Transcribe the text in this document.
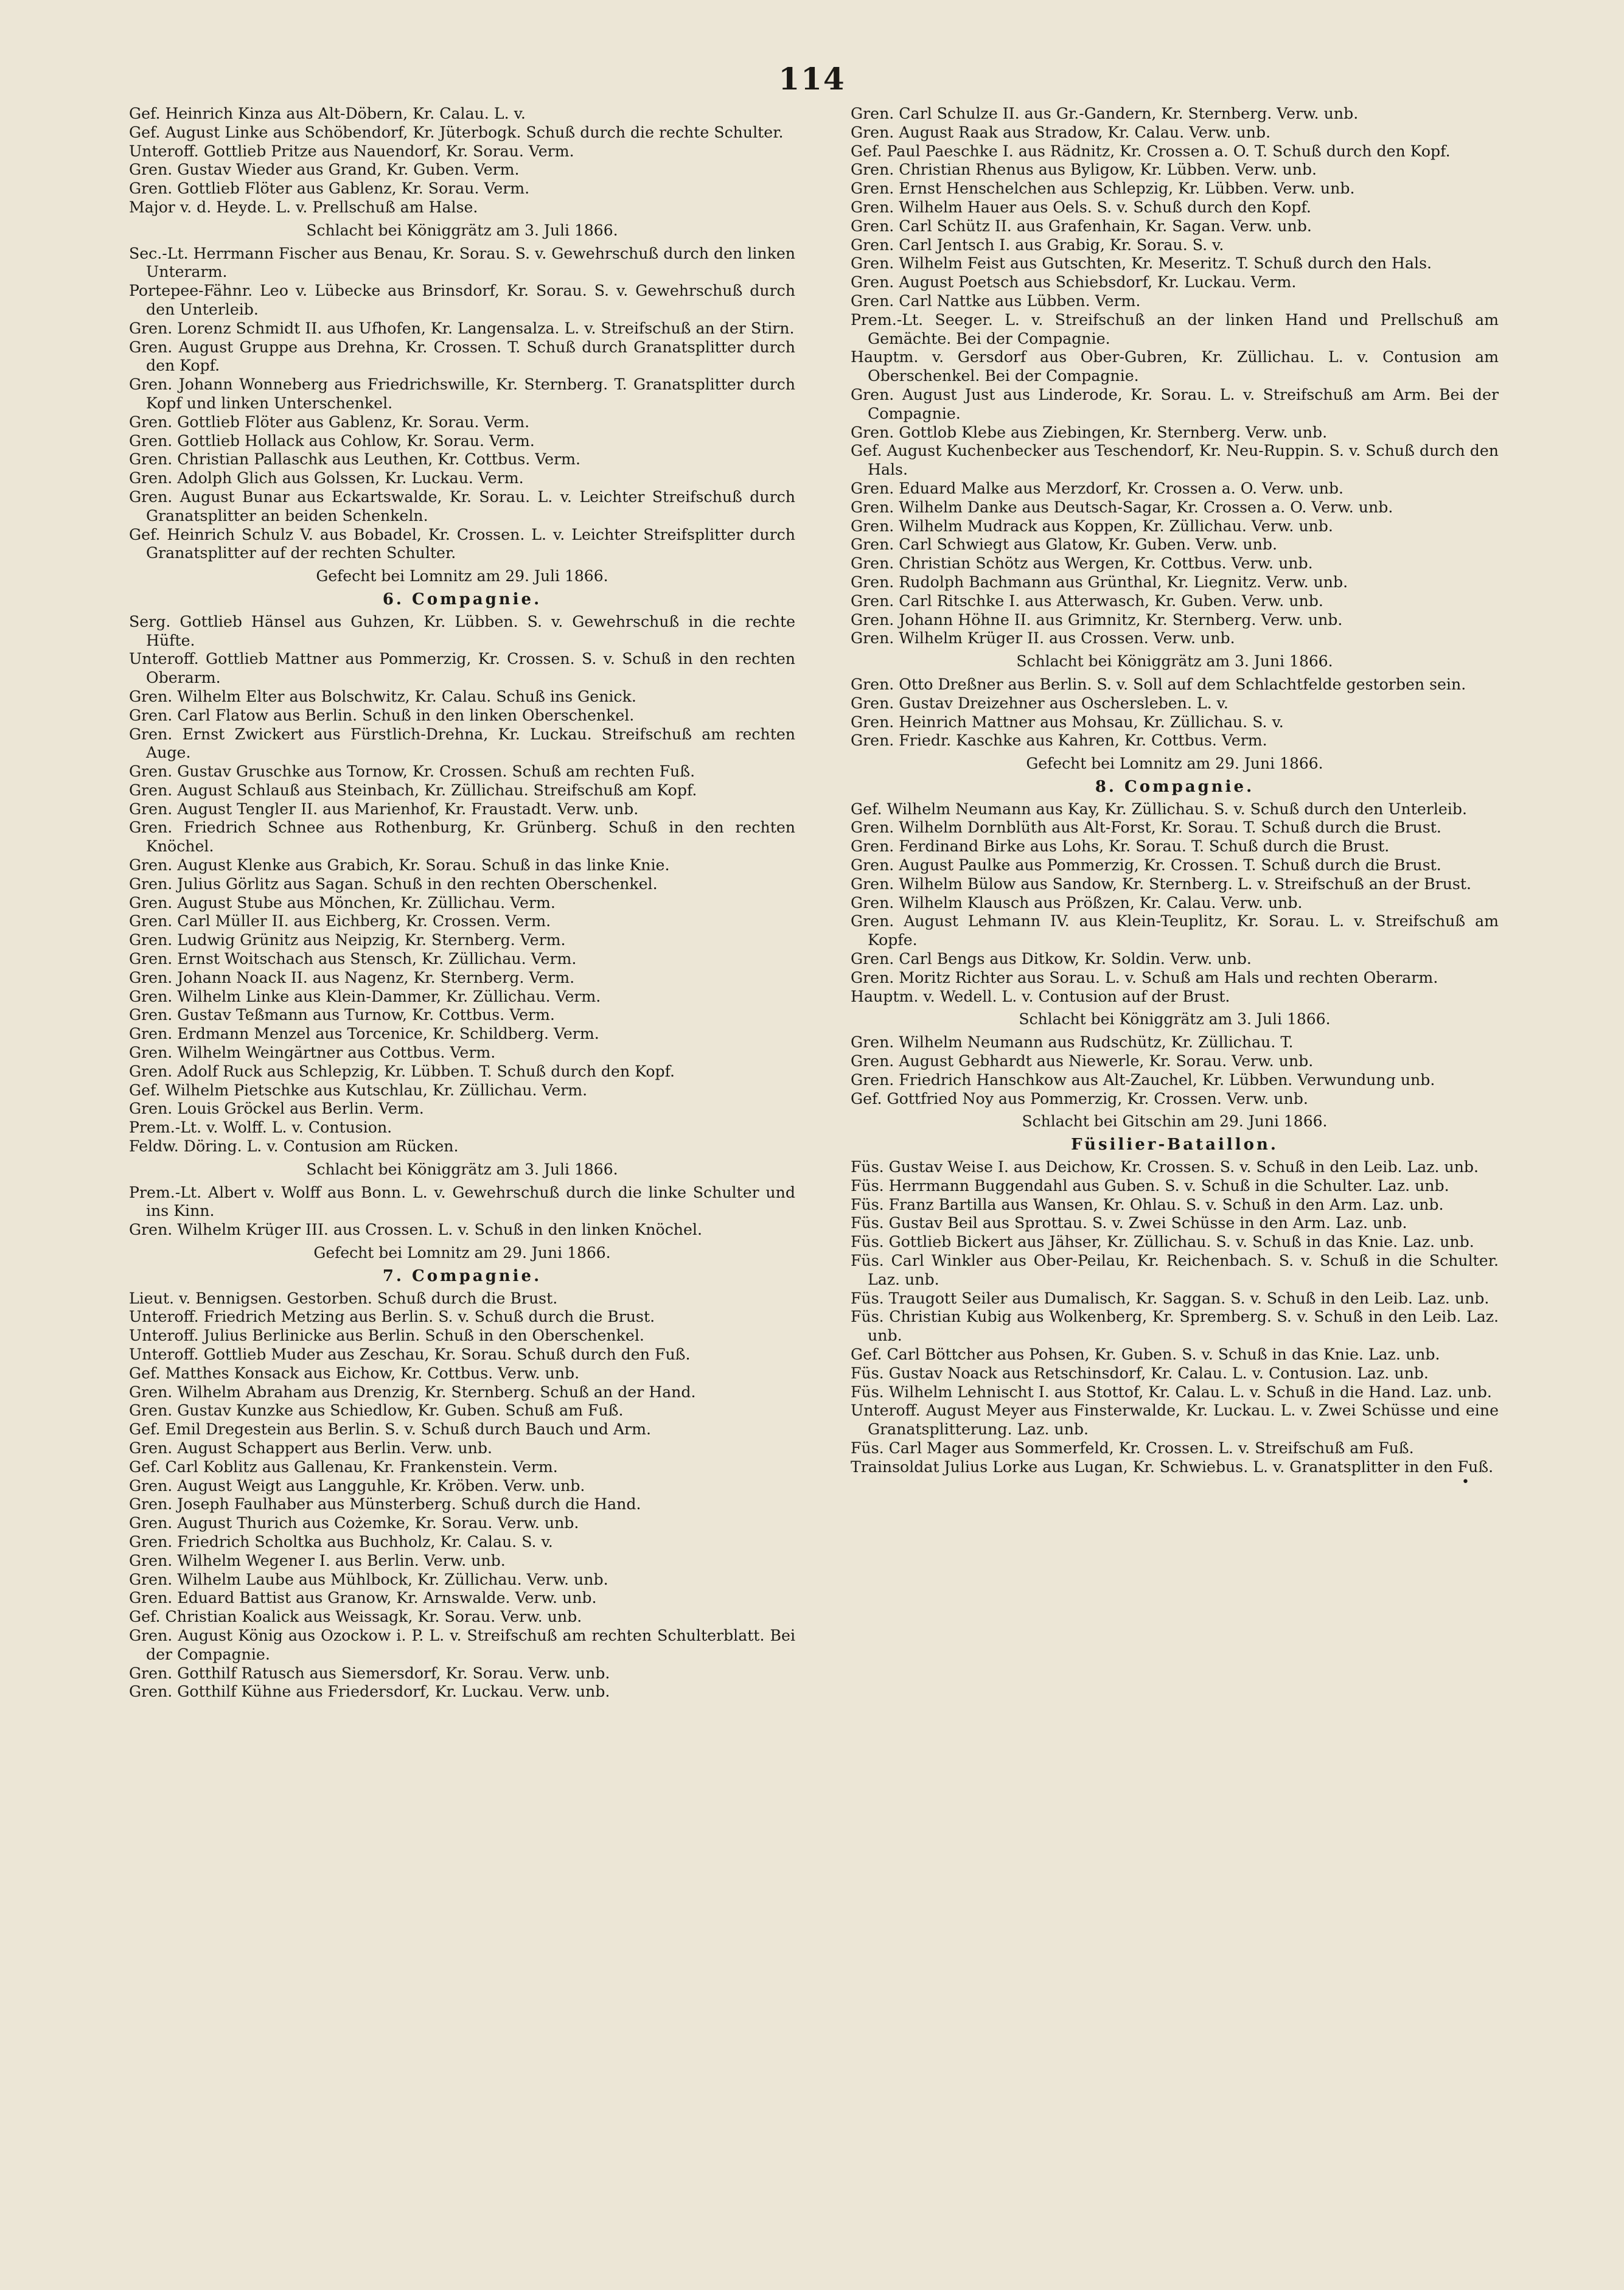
114

Gef. Heinrich Kinza aus Alt-Döbern, Kr. Calau. L. v.

Gef. August Linke aus Schöbendorf, Kr. Jüterbogk. Schuß durch die rechte Schulter.

Unteroff. Gottlieb Pritze aus Nauendorf, Kr. Sorau. Verm.

Gren. Gustav Wieder aus Grand, Kr. Guben. Verm.

Gren. Gottlieb Flöter aus Gablenz, Kr. Sorau. Verm.

Major v. d. Heyde. L. v. Prellschuß am Halse.

Schlacht bei Königgrätz am 3. Juli 1866.

Sec.-Lt. Herrmann Fischer aus Benau, Kr. Sorau. S. v. Gewehrschuß durch den linken Unterarm.

Portepee-Fähnr. Leo v. Lübecke aus Brinsdorf, Kr. Sorau. S. v. Gewehrschuß durch den Unterleib.

Gren. Lorenz Schmidt II. aus Ufhofen, Kr. Langensalza. L. v. Streifschuß an der Stirn.

Gren. August Gruppe aus Drehna, Kr. Crossen. T. Schuß durch Granatsplitter durch den Kopf.

Gren. Johann Wonneberg aus Friedrichswille, Kr. Sternberg. T. Granatsplitter durch Kopf und linken Unterschenkel.

Gren. Gottlieb Flöter aus Gablenz, Kr. Sorau. Verm.

Gren. Gottlieb Hollack aus Cohlow, Kr. Sorau. Verm.

Gren. Christian Pallaschk aus Leuthen, Kr. Cottbus. Verm.

Gren. Adolph Glich aus Golssen, Kr. Luckau. Verm.

Gren. August Bunar aus Eckartswalde, Kr. Sorau. L. v. Leichter Streifschuß durch Granatsplitter an beiden Schenkeln.

Gef. Heinrich Schulz V. aus Bobadel, Kr. Crossen. L. v. Leichter Streifsplitter durch Granatsplitter auf der rechten Schulter.

Gefecht bei Lomnitz am 29. Juli 1866.

6. Compagnie.

Serg. Gottlieb Hänsel aus Guhzen, Kr. Lübben. S. v. Gewehrschuß in die rechte Hüfte.

Unteroff. Gottlieb Mattner aus Pommerzig, Kr. Crossen. S. v. Schuß in den rechten Oberarm.

Gren. Wilhelm Elter aus Bolschwitz, Kr. Calau. Schuß ins Genick.

Gren. Carl Flatow aus Berlin. Schuß in den linken Oberschenkel.

Gren. Ernst Zwickert aus Fürstlich-Drehna, Kr. Luckau. Streifschuß am rechten Auge.

Gren. Gustav Gruschke aus Tornow, Kr. Crossen. Schuß am rechten Fuß.

Gren. August Schlauß aus Steinbach, Kr. Züllichau. Streifschuß am Kopf.

Gren. August Tengler II. aus Marienhof, Kr. Fraustadt. Verw. unb.

Gren. Friedrich Schnee aus Rothenburg, Kr. Grünberg. Schuß in den rechten Knöchel.

Gren. August Klenke aus Grabich, Kr. Sorau. Schuß in das linke Knie.

Gren. Julius Görlitz aus Sagan. Schuß in den rechten Oberschenkel.

Gren. August Stube aus Mönchen, Kr. Züllichau. Verm.

Gren. Carl Müller II. aus Eichberg, Kr. Crossen. Verm.

Gren. Ludwig Grünitz aus Neipzig, Kr. Sternberg. Verm.

Gren. Ernst Woitschach aus Stensch, Kr. Züllichau. Verm.

Gren. Johann Noack II. aus Nagenz, Kr. Sternberg. Verm.

Gren. Wilhelm Linke aus Klein-Dammer, Kr. Züllichau. Verm.

Gren. Gustav Teßmann aus Turnow, Kr. Cottbus. Verm.

Gren. Erdmann Menzel aus Torcenice, Kr. Schildberg. Verm.

Gren. Wilhelm Weingärtner aus Cottbus. Verm.

Gren. Adolf Ruck aus Schlepzig, Kr. Lübben. T. Schuß durch den Kopf.

Gef. Wilhelm Pietschke aus Kutschlau, Kr. Züllichau. Verm.

Gren. Louis Gröckel aus Berlin. Verm.

Prem.-Lt. v. Wolff. L. v. Contusion.

Feldw. Döring. L. v. Contusion am Rücken.

Schlacht bei Königgrätz am 3. Juli 1866.

Prem.-Lt. Albert v. Wolff aus Bonn. L. v. Gewehrschuß durch die linke Schulter und ins Kinn.

Gren. Wilhelm Krüger III. aus Crossen. L. v. Schuß in den linken Knöchel.

Gefecht bei Lomnitz am 29. Juni 1866.

7. Compagnie.

Lieut. v. Bennigsen. Gestorben. Schuß durch die Brust.

Unteroff. Friedrich Metzing aus Berlin. S. v. Schuß durch die Brust.

Unteroff. Julius Berlinicke aus Berlin. Schuß in den Oberschenkel.

Unteroff. Gottlieb Muder aus Zeschau, Kr. Sorau. Schuß durch den Fuß.

Gef. Matthes Konsack aus Eichow, Kr. Cottbus. Verw. unb.

Gren. Wilhelm Abraham aus Drenzig, Kr. Sternberg. Schuß an der Hand.

Gren. Gustav Kunzke aus Schiedlow, Kr. Guben. Schuß am Fuß.

Gef. Emil Dregestein aus Berlin. S. v. Schuß durch Bauch und Arm.

Gren. August Schappert aus Berlin. Verw. unb.

Gef. Carl Koblitz aus Gallenau, Kr. Frankenstein. Verm.

Gren. August Weigt aus Langguhle, Kr. Kröben. Verw. unb.

Gren. Joseph Faulhaber aus Münsterberg. Schuß durch die Hand.

Gren. August Thurich aus Cożemke, Kr. Sorau. Verw. unb.

Gren. Friedrich Scholtka aus Buchholz, Kr. Calau. S. v.

Gren. Wilhelm Wegener I. aus Berlin. Verw. unb.

Gren. Wilhelm Laube aus Mühlbock, Kr. Züllichau. Verw. unb.

Gren. Eduard Battist aus Granow, Kr. Arnswalde. Verw. unb.

Gef. Christian Koalick aus Weissagk, Kr. Sorau. Verw. unb.

Gren. August König aus Ozockow i. P. L. v. Streifschuß am rechten Schulterblatt. Bei der Compagnie.

Gren. Gotthilf Ratusch aus Siemersdorf, Kr. Sorau. Verw. unb.

Gren. Gotthilf Kühne aus Friedersdorf, Kr. Luckau. Verw. unb.

Gren. Carl Schulze II. aus Gr.-Gandern, Kr. Sternberg. Verw. unb.

Gren. August Raak aus Stradow, Kr. Calau. Verw. unb.

Gef. Paul Paeschke I. aus Rädnitz, Kr. Crossen a. O. T. Schuß durch den Kopf.

Gren. Christian Rhenus aus Byligow, Kr. Lübben. Verw. unb.

Gren. Ernst Henschelchen aus Schlepzig, Kr. Lübben. Verw. unb.

Gren. Wilhelm Hauer aus Oels. S. v. Schuß durch den Kopf.

Gren. Carl Schütz II. aus Grafenhain, Kr. Sagan. Verw. unb.

Gren. Carl Jentsch I. aus Grabig, Kr. Sorau. S. v.

Gren. Wilhelm Feist aus Gutschten, Kr. Meseritz. T. Schuß durch den Hals.

Gren. August Poetsch aus Schiebsdorf, Kr. Luckau. Verm.

Gren. Carl Nattke aus Lübben. Verm.

Prem.-Lt. Seeger. L. v. Streifschuß an der linken Hand und Prellschuß am Gemächte. Bei der Compagnie.

Hauptm. v. Gersdorf aus Ober-Gubren, Kr. Züllichau. L. v. Contusion am Oberschenkel. Bei der Compagnie.

Gren. August Just aus Linderode, Kr. Sorau. L. v. Streifschuß am Arm. Bei der Compagnie.

Gren. Gottlob Klebe aus Ziebingen, Kr. Sternberg. Verw. unb.

Gef. August Kuchenbecker aus Teschendorf, Kr. Neu-Ruppin. S. v. Schuß durch den Hals.

Gren. Eduard Malke aus Merzdorf, Kr. Crossen a. O. Verw. unb.

Gren. Wilhelm Danke aus Deutsch-Sagar, Kr. Crossen a. O. Verw. unb.

Gren. Wilhelm Mudrack aus Koppen, Kr. Züllichau. Verw. unb.

Gren. Carl Schwiegt aus Glatow, Kr. Guben. Verw. unb.

Gren. Christian Schötz aus Wergen, Kr. Cottbus. Verw. unb.

Gren. Rudolph Bachmann aus Grünthal, Kr. Liegnitz. Verw. unb.

Gren. Carl Ritschke I. aus Atterwasch, Kr. Guben. Verw. unb.

Gren. Johann Höhne II. aus Grimnitz, Kr. Sternberg. Verw. unb.

Gren. Wilhelm Krüger II. aus Crossen. Verw. unb.

Schlacht bei Königgrätz am 3. Juni 1866.

Gren. Otto Dreßner aus Berlin. S. v. Soll auf dem Schlachtfelde gestorben sein.

Gren. Gustav Dreizehner aus Oschersleben. L. v.

Gren. Heinrich Mattner aus Mohsau, Kr. Züllichau. S. v.

Gren. Friedr. Kaschke aus Kahren, Kr. Cottbus. Verm.

Gefecht bei Lomnitz am 29. Juni 1866.

8. Compagnie.

Gef. Wilhelm Neumann aus Kay, Kr. Züllichau. S. v. Schuß durch den Unterleib.

Gren. Wilhelm Dornblüth aus Alt-Forst, Kr. Sorau. T. Schuß durch die Brust.

Gren. Ferdinand Birke aus Lohs, Kr. Sorau. T. Schuß durch die Brust.

Gren. August Paulke aus Pommerzig, Kr. Crossen. T. Schuß durch die Brust.

Gren. Wilhelm Bülow aus Sandow, Kr. Sternberg. L. v. Streifschuß an der Brust.

Gren. Wilhelm Klausch aus Prößzen, Kr. Calau. Verw. unb.

Gren. August Lehmann IV. aus Klein-Teuplitz, Kr. Sorau. L. v. Streifschuß am Kopfe.

Gren. Carl Bengs aus Ditkow, Kr. Soldin. Verw. unb.

Gren. Moritz Richter aus Sorau. L. v. Schuß am Hals und rechten Oberarm.

Hauptm. v. Wedell. L. v. Contusion auf der Brust.

Schlacht bei Königgrätz am 3. Juli 1866.

Gren. Wilhelm Neumann aus Rudschütz, Kr. Züllichau. T.

Gren. August Gebhardt aus Niewerle, Kr. Sorau. Verw. unb.

Gren. Friedrich Hanschkow aus Alt-Zauchel, Kr. Lübben. Verwundung unb.

Gef. Gottfried Noy aus Pommerzig, Kr. Crossen. Verw. unb.

Schlacht bei Gitschin am 29. Juni 1866.

Füsilier-Bataillon.

Füs. Gustav Weise I. aus Deichow, Kr. Crossen. S. v. Schuß in den Leib. Laz. unb.

Füs. Herrmann Buggendahl aus Guben. S. v. Schuß in die Schulter. Laz. unb.

Füs. Franz Bartilla aus Wansen, Kr. Ohlau. S. v. Schuß in den Arm. Laz. unb.

Füs. Gustav Beil aus Sprottau. S. v. Zwei Schüsse in den Arm. Laz. unb.

Füs. Gottlieb Bickert aus Jähser, Kr. Züllichau. S. v. Schuß in das Knie. Laz. unb.

Füs. Carl Winkler aus Ober-Peilau, Kr. Reichenbach. S. v. Schuß in die Schulter. Laz. unb.

Füs. Traugott Seiler aus Dumalisch, Kr. Saggan. S. v. Schuß in den Leib. Laz. unb.

Füs. Christian Kubig aus Wolkenberg, Kr. Spremberg. S. v. Schuß in den Leib. Laz. unb.

Gef. Carl Böttcher aus Pohsen, Kr. Guben. S. v. Schuß in das Knie. Laz. unb.

Füs. Gustav Noack aus Retschinsdorf, Kr. Calau. L. v. Contusion. Laz. unb.

Füs. Wilhelm Lehnischt I. aus Stottof, Kr. Calau. L. v. Schuß in die Hand. Laz. unb.

Unteroff. August Meyer aus Finsterwalde, Kr. Luckau. L. v. Zwei Schüsse und eine Granatsplitterung. Laz. unb.

Füs. Carl Mager aus Sommerfeld, Kr. Crossen. L. v. Streifschuß am Fuß.

Trainsoldat Julius Lorke aus Lugan, Kr. Schwiebus. L. v. Granatsplitter in den Fuß.

•
